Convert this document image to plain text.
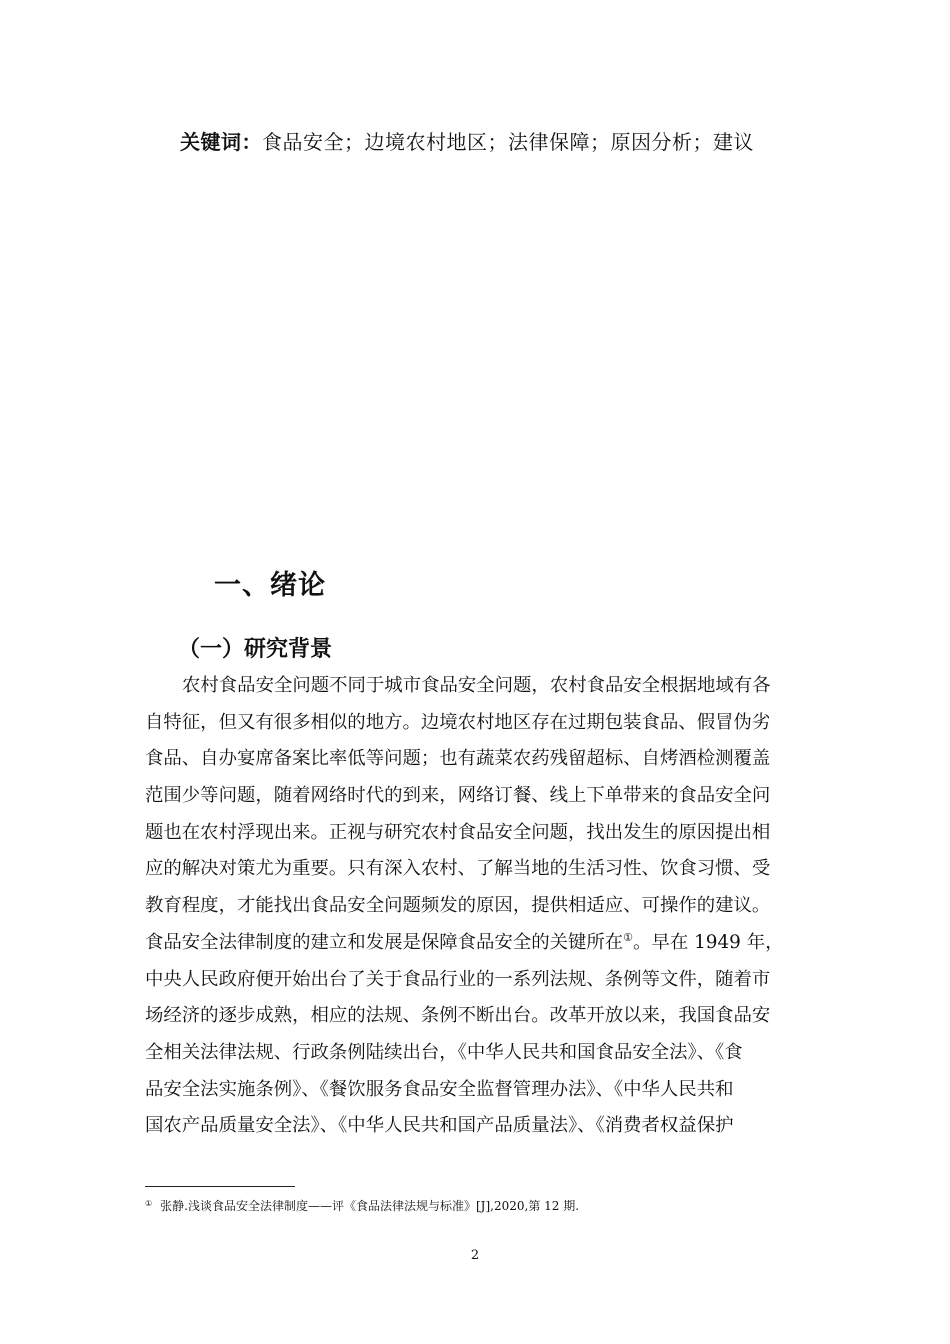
关键词：食品安全；边境农村地区；法律保障；原因分析；建议
一、绪论
（一）研究背景
农村食品安全问题不同于城市食品安全问题，农村食品安全根据地域有各
自特征，但又有很多相似的地方。边境农村地区存在过期包装食品、假冒伪劣
食品、自办宴席备案比率低等问题；也有蔬菜农药残留超标、自烤酒检测覆盖
范围少等问题，随着网络时代的到来，网络订餐、线上下单带来的食品安全问
题也在农村浮现出来。正视与研究农村食品安全问题，找出发生的原因提出相
应的解决对策尤为重要。只有深入农村、了解当地的生活习性、饮食习惯、受
教育程度，才能找出食品安全问题频发的原因，提供相适应、可操作的建议。
食品安全法律制度的建立和发展是保障食品安全的关键所在①。早在 1949 年，
中央人民政府便开始出台了关于食品行业的一系列法规、条例等文件，随着市
场经济的逐步成熟，相应的法规、条例不断出台。改革开放以来，我国食品安
全相关法律法规、行政条例陆续出台，《中华人民共和国食品安全法》、《食
品安全法实施条例》、《餐饮服务食品安全监督管理办法》、《中华人民共和
国农产品质量安全法》、《中华人民共和国产品质量法》、《消费者权益保护
① 张静.浅谈食品安全法律制度——评《食品法律法规与标准》[J],2020,第 12 期.
2
